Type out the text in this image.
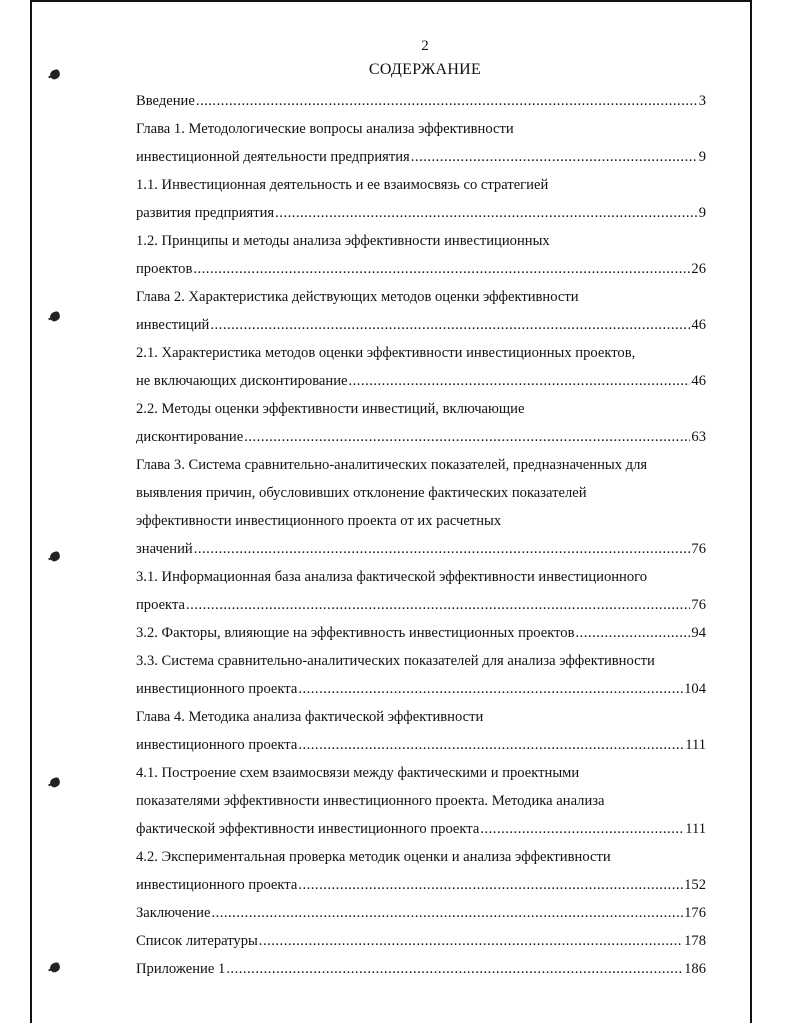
2
СОДЕРЖАНИЕ
Введение .....	3
Глава 1. Методологические вопросы анализа эффективности
инвестиционной деятельности предприятия .....	9
1.1. Инвестиционная деятельность и ее взаимосвязь со стратегией
развития предприятия .....	9
1.2. Принципы и методы анализа эффективности инвестиционных
проектов .....	26
Глава 2. Характеристика действующих методов оценки эффективности
инвестиций .....	46
2.1. Характеристика методов оценки эффективности инвестиционных проектов,
не включающих дисконтирование .....	46
2.2. Методы оценки эффективности инвестиций, включающие
дисконтирование .....	63
Глава 3. Система сравнительно-аналитических показателей, предназначенных для
выявления причин, обусловивших отклонение фактических показателей
эффективности инвестиционного проекта от их расчетных
значений .....	76
3.1. Информационная база анализа фактической эффективности инвестиционного
проекта .....	76
3.2. Факторы, влияющие на эффективность инвестиционных проектов .....	94
3.3. Система сравнительно-аналитических показателей для анализа эффективности
инвестиционного проекта .....	104
Глава 4. Методика анализа фактической эффективности
инвестиционного проекта .....	111
4.1. Построение схем взаимосвязи между фактическими и проектными
показателями эффективности инвестиционного проекта. Методика анализа
фактической эффективности инвестиционного проекта .....	111
4.2. Экспериментальная проверка методик оценки и анализа эффективности
инвестиционного проекта .....	152
Заключение .....	176
Список литературы .....	178
Приложение 1 .....	186
